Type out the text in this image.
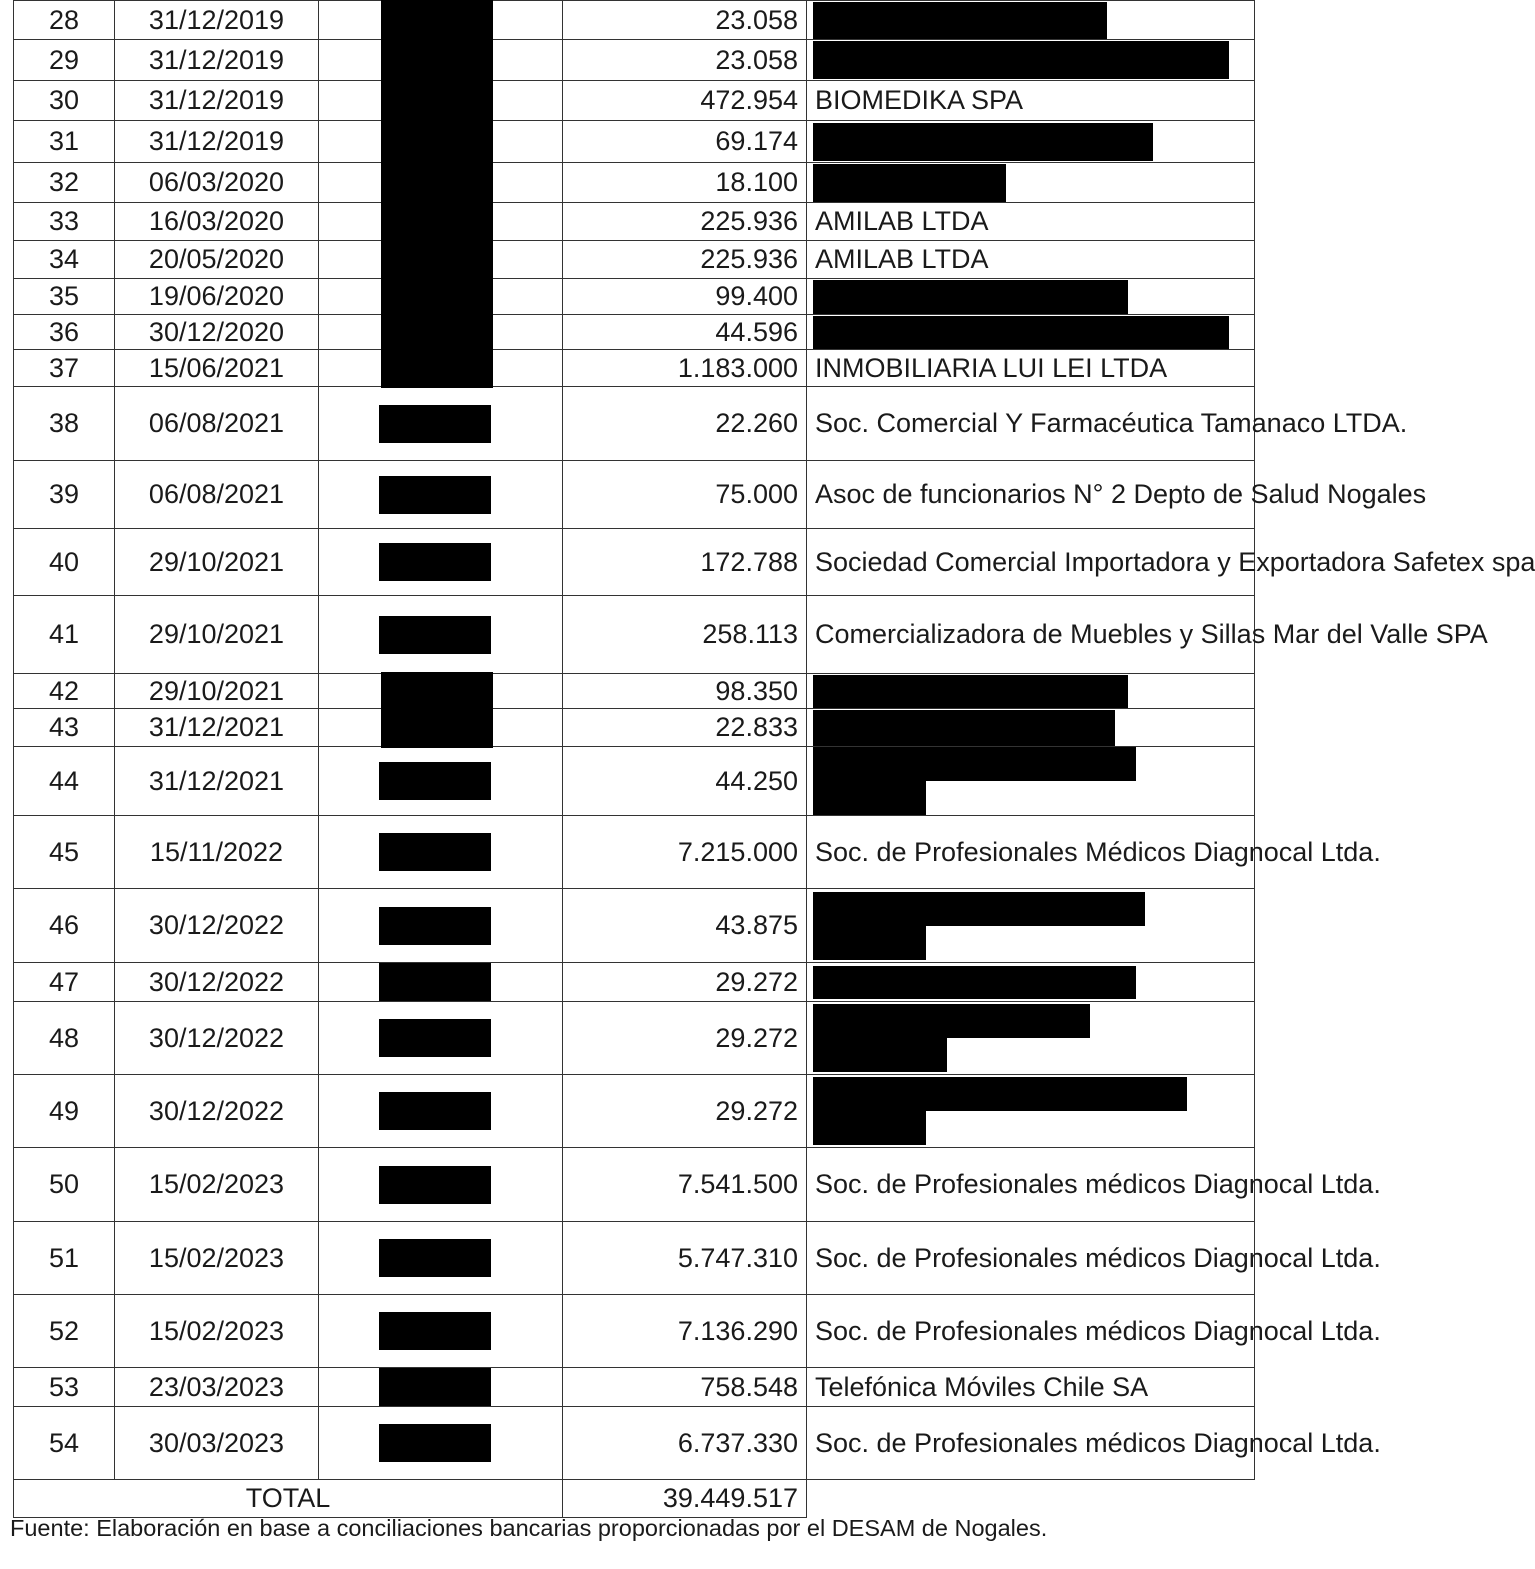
28	31/12/2019		23.058	

29	31/12/2019		23.058	

30	31/12/2019		472.954	BIOMEDIKA SPA
31	31/12/2019		69.174	

32	06/03/2020		18.100	

33	16/03/2020		225.936	AMILAB LTDA
34	20/05/2020		225.936	AMILAB LTDA
35	19/06/2020		99.400	

36	30/12/2020		44.596	

37	15/06/2021		1.183.000	INMOBILIARIA LUI LEI LTDA
38	06/08/2021		22.260	Soc. Comercial Y Farmacéutica Tamanaco LTDA.
39	06/08/2021		75.000	Asoc de funcionarios N° 2 Depto de Salud Nogales
40	29/10/2021		172.788	Sociedad Comercial Importadora y Exportadora Safetex spa
41	29/10/2021		258.113	Comercializadora de Muebles y Sillas Mar del Valle SPA
42	29/10/2021		98.350	

43	31/12/2021		22.833	

44	31/12/2021		44.250	

45	15/11/2022		7.215.000	Soc. de Profesionales Médicos Diagnocal Ltda.
46	30/12/2022		43.875	

47	30/12/2022		29.272	

48	30/12/2022		29.272	

49	30/12/2022		29.272	

50	15/02/2023		7.541.500	Soc. de Profesionales médicos Diagnocal Ltda.
51	15/02/2023		5.747.310	Soc. de Profesionales médicos Diagnocal Ltda.
52	15/02/2023		7.136.290	Soc. de Profesionales médicos Diagnocal Ltda.
53	23/03/2023		758.548	Telefónica Móviles Chile SA
54	30/03/2023		6.737.330	Soc. de Profesionales médicos Diagnocal Ltda.
TOTAL			39.449.517	
Fuente: Elaboración en base a conciliaciones bancarias proporcionadas por el DESAM de Nogales.
